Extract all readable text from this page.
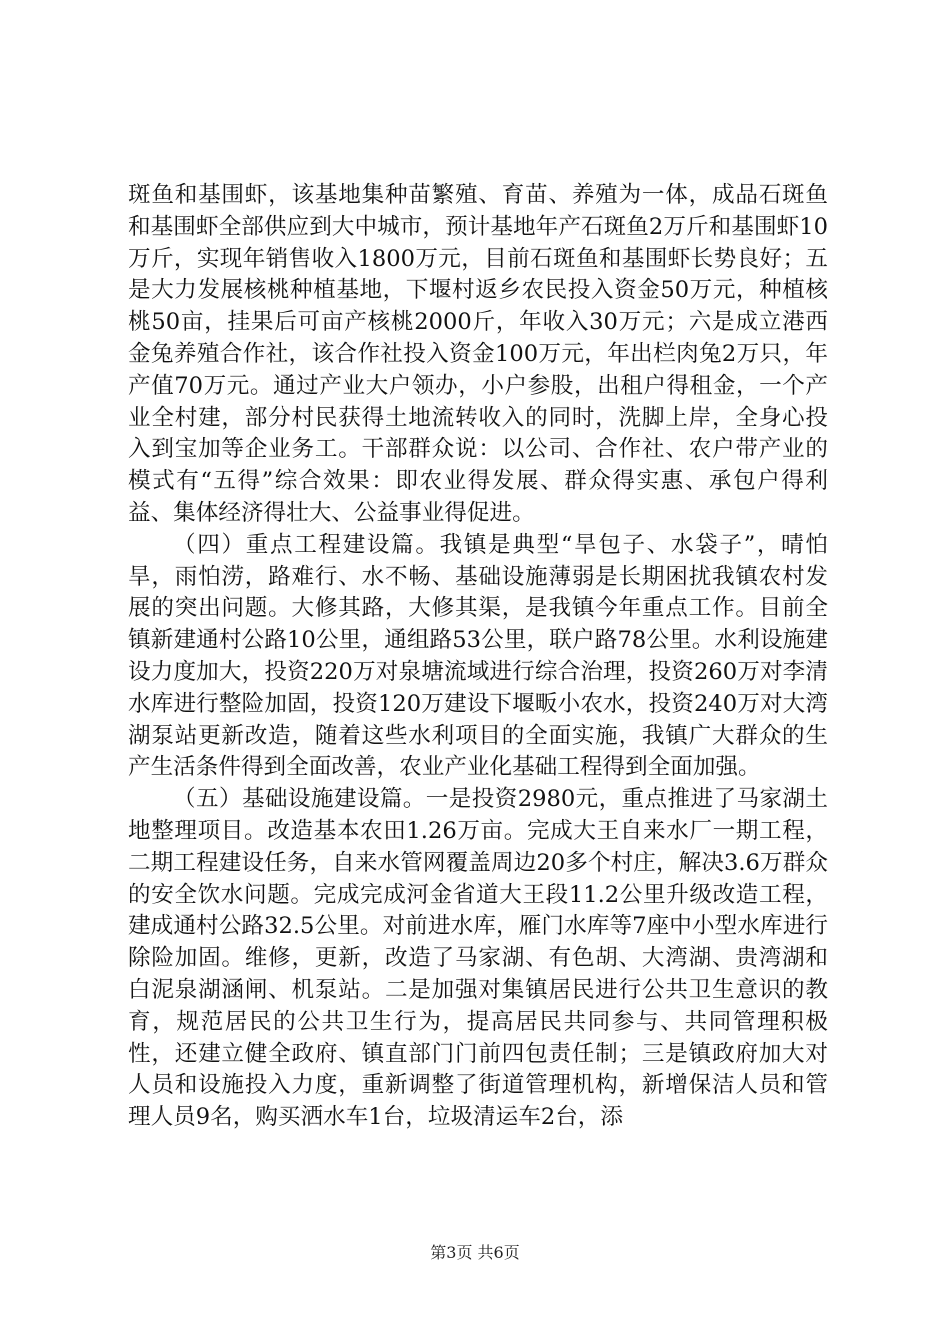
斑鱼和基围虾，该基地集种苗繁殖、育苗、养殖为一体，成品石斑鱼和基围虾全部供应到大中城市，预计基地年产石斑鱼2万斤和基围虾10万斤，实现年销售收入1800万元，目前石斑鱼和基围虾长势良好；五是大力发展核桃种植基地，下堰村返乡农民投入资金50万元，种植核桃50亩，挂果后可亩产核桃2000斤，年收入30万元；六是成立港西金兔养殖合作社，该合作社投入资金100万元，年出栏肉兔2万只，年产值70万元。通过产业大户领办，小户参股，出租户得租金，一个产业全村建，部分村民获得土地流转收入的同时，洗脚上岸，全身心投入到宝加等企业务工。干部群众说：以公司、合作社、农户带产业的模式有“五得”综合效果：即农业得发展、群众得实惠、承包户得利益、集体经济得壮大、公益事业得促进。

（四）重点工程建设篇。我镇是典型“旱包子、水袋子”，晴怕旱，雨怕涝，路难行、水不畅、基础设施薄弱是长期困扰我镇农村发展的突出问题。大修其路，大修其渠，是我镇今年重点工作。目前全镇新建通村公路10公里，通组路53公里，联户路78公里。水利设施建设力度加大，投资220万对泉塘流域进行综合治理，投资260万对李清水库进行整险加固，投资120万建设下堰畈小农水，投资240万对大湾湖泵站更新改造，随着这些水利项目的全面实施，我镇广大群众的生产生活条件得到全面改善，农业产业化基础工程得到全面加强。

（五）基础设施建设篇。一是投资2980元，重点推进了马家湖土地整理项目。改造基本农田1.26万亩。完成大王自来水厂一期工程，二期工程建设任务，自来水管网覆盖周边20多个村庄，解决3.6万群众的安全饮水问题。完成完成河金省道大王段11.2公里升级改造工程，建成通村公路32.5公里。对前进水库，雁门水库等7座中小型水库进行除险加固。维修，更新，改造了马家湖、有色胡、大湾湖、贵湾湖和白泥泉湖涵闸、机泵站。二是加强对集镇居民进行公共卫生意识的教育，规范居民的公共卫生行为，提高居民共同参与、共同管理积极性，还建立健全政府、镇直部门门前四包责任制；三是镇政府加大对人员和设施投入力度，重新调整了街道管理机构，新增保洁人员和管理人员9名，购买洒水车1台，垃圾清运车2台，添

第3页 共6页
